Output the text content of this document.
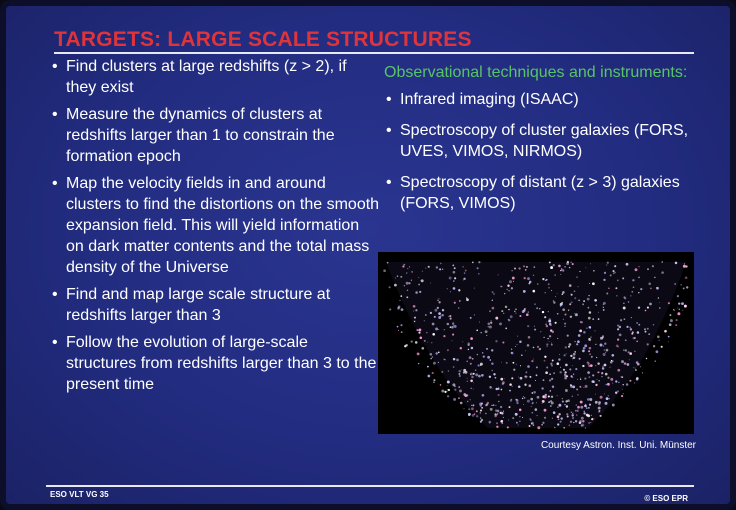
TARGETS: LARGE SCALE STRUCTURES
• Find clusters at large redshifts (z > 2), if they exist
• Measure the dynamics of clusters at redshifts larger than 1 to constrain the formation epoch
• Map the velocity fields in and around clusters to find the distortions on the smooth expansion field. This will yield information on dark matter contents and the total mass density of the Universe
• Find and map large scale structure at redshifts larger than 3
• Follow the evolution of large-scale structures from redshifts larger than 3 to the present time
Observational techniques and instruments:
• Infrared imaging (ISAAC)
• Spectroscopy of cluster galaxies (FORS, UVES, VIMOS, NIRMOS)
• Spectroscopy of distant (z > 3) galaxies (FORS, VIMOS)
Courtesy Astron. Inst. Uni. Münster
ESO VLT VG 35	© ESO EPR
